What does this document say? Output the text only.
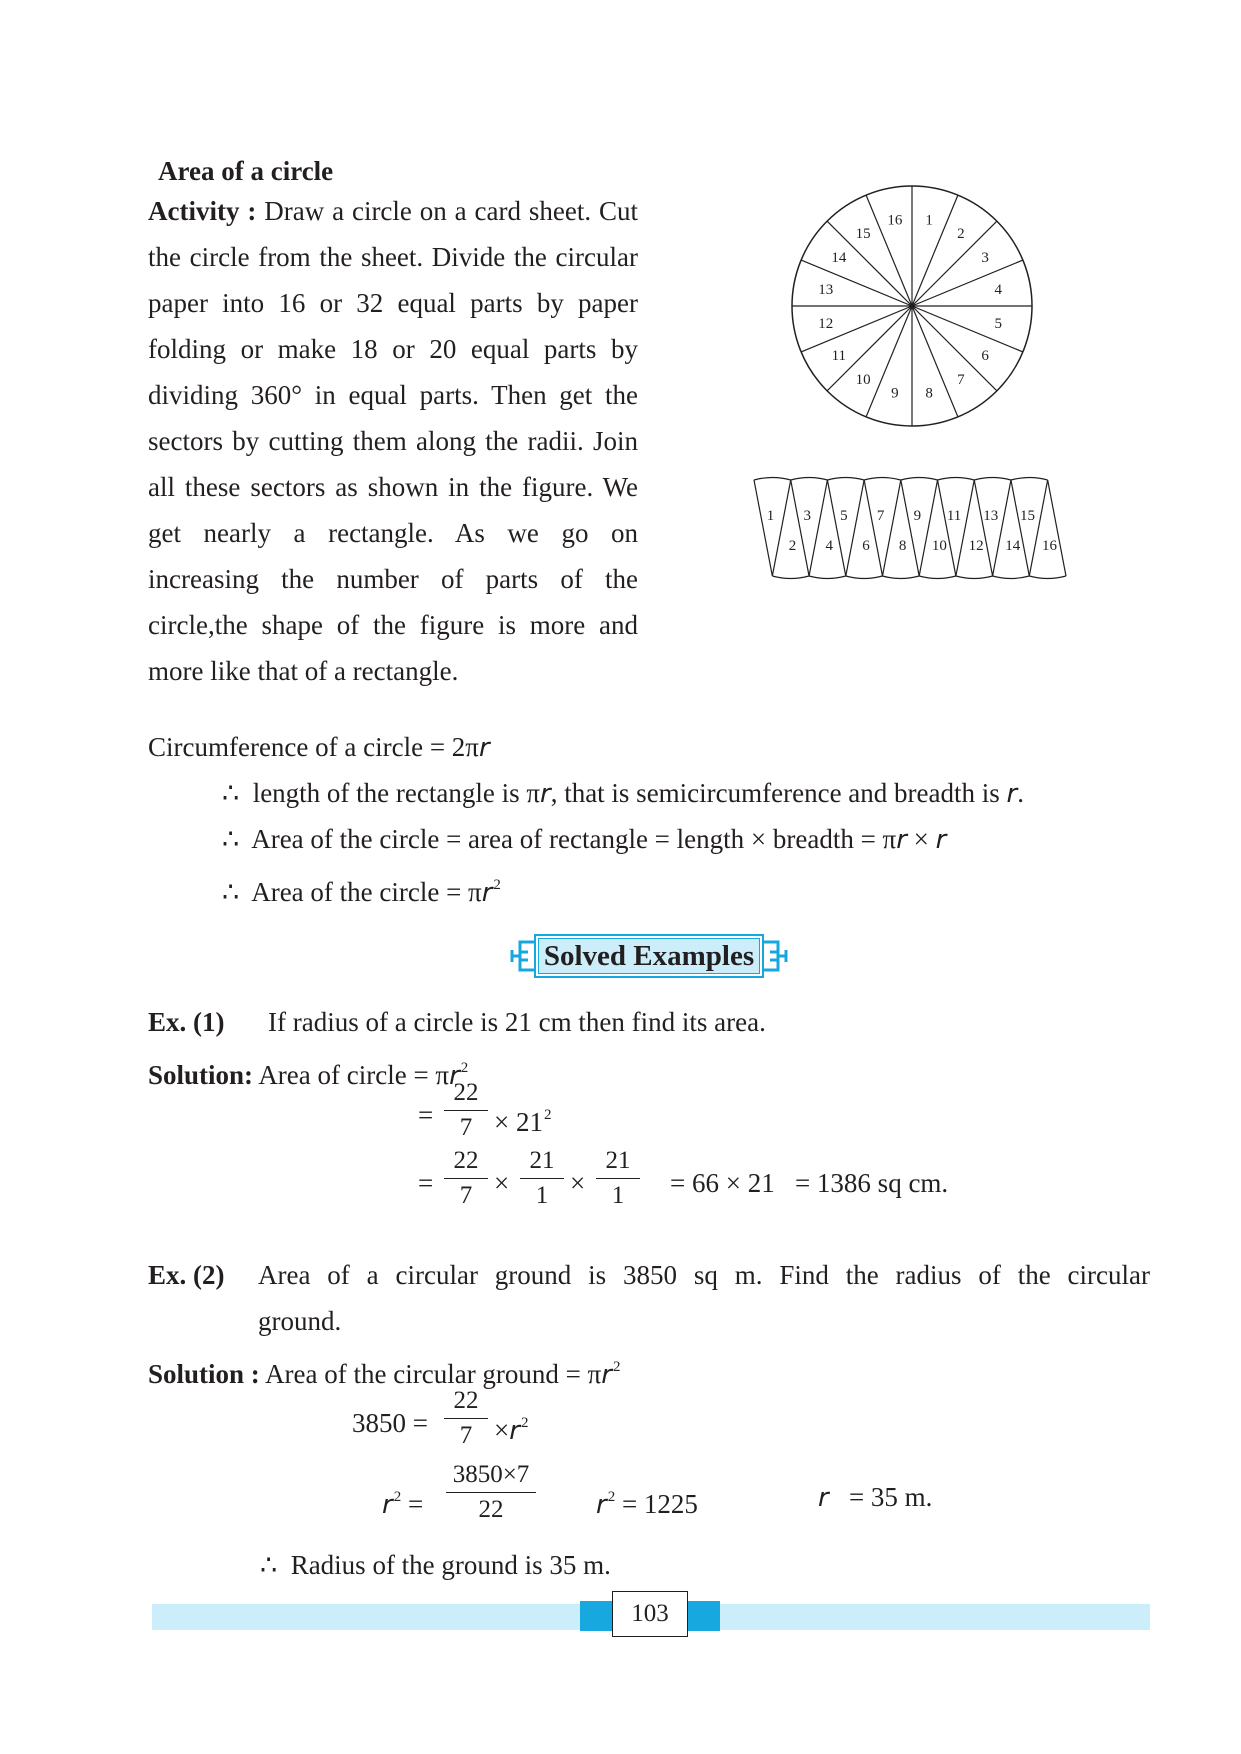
Area of a circle
Activity : Draw a circle on a card sheet. Cut the circle from the sheet. Divide the circular paper into 16 or 32 equal parts by paper folding or make 18 or 20 equal parts by dividing 360° in equal parts. Then get the sectors by cutting them along the radii. Join all these sectors as shown in the figure. We get nearly a rectangle. As we go on increasing the number of parts of the circle,the shape of the figure is more and more like that of a rectangle.
1
2
3
4
5
6
7
8
9
10
11
12
13
14
15
16
1
2
3
4
5
6
7
8
9
10
11
12
13
14
15
16
Circumference of a circle = 2πr
∴ length of the rectangle is πr, that is semicircumference and breadth is r.
∴ Area of the circle = area of rectangle = length × breadth = πr × r
∴ Area of the circle = $\pi r^2$
Solved Examples
Ex. (1) If radius of a circle is 21 cm then find its area.
Solution: Area of circle = $\pi r^2$
=
22
$7 \times 21^2$
=
22
7 ×
21
1 ×
21
1	= 66 × 21   = 1386 sq cm.
Ex. (2) Area of a circular ground is 3850 sq m. Find the radius of the circular
ground.
Solution : Area of the circular ground = $\pi r^2$
3850 =
22
$7 \times r^2$
$r^2$ =
3850×7
22	$r^2 = 1225$	r = 35 m.
∴ Radius of the ground is 35 m.
103
